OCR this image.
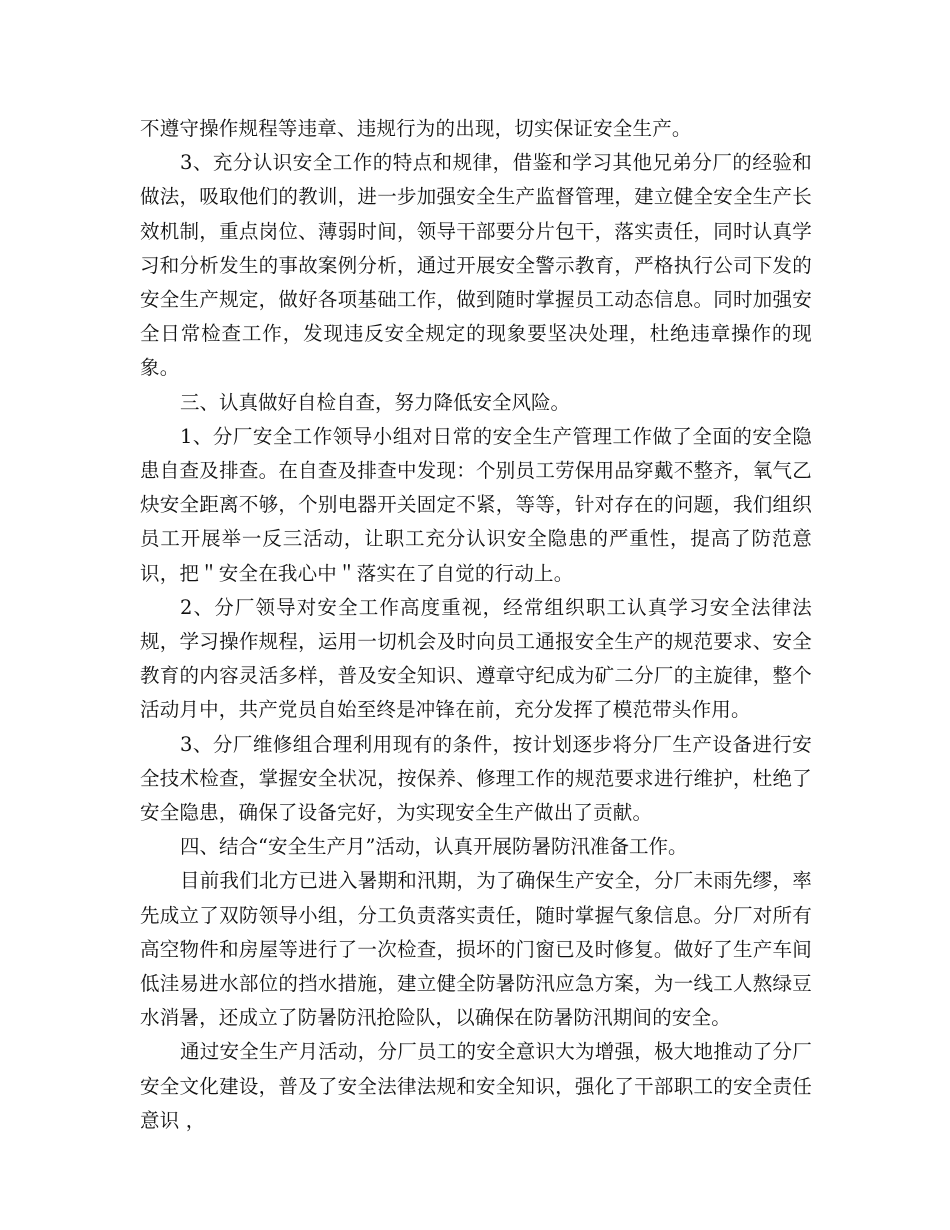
不遵守操作规程等违章、违规行为的出现，切实保证安全生产。

3、充分认识安全工作的特点和规律，借鉴和学习其他兄弟分厂的经验和做法，吸取他们的教训，进一步加强安全生产监督管理，建立健全安全生产长效机制，重点岗位、薄弱时间，领导干部要分片包干，落实责任，同时认真学习和分析发生的事故案例分析，通过开展安全警示教育，严格执行公司下发的安全生产规定，做好各项基础工作，做到随时掌握员工动态信息。同时加强安全日常检查工作，发现违反安全规定的现象要坚决处理，杜绝违章操作的现象。

三、认真做好自检自查，努力降低安全风险。

1、分厂安全工作领导小组对日常的安全生产管理工作做了全面的安全隐患自查及排查。在自查及排查中发现：个别员工劳保用品穿戴不整齐，氧气乙炔安全距离不够，个别电器开关固定不紧，等等，针对存在的问题，我们组织员工开展举一反三活动，让职工充分认识安全隐患的严重性，提高了防范意识，把＂安全在我心中＂落实在了自觉的行动上。

2、分厂领导对安全工作高度重视，经常组织职工认真学习安全法律法规，学习操作规程，运用一切机会及时向员工通报安全生产的规范要求、安全教育的内容灵活多样，普及安全知识、遵章守纪成为矿二分厂的主旋律，整个活动月中，共产党员自始至终是冲锋在前，充分发挥了模范带头作用。

3、分厂维修组合理利用现有的条件，按计划逐步将分厂生产设备进行安全技术检查，掌握安全状况，按保养、修理工作的规范要求进行维护，杜绝了安全隐患，确保了设备完好，为实现安全生产做出了贡献。

四、结合“安全生产月”活动，认真开展防暑防汛准备工作。

目前我们北方已进入暑期和汛期，为了确保生产安全，分厂未雨先缪，率先成立了双防领导小组，分工负责落实责任，随时掌握气象信息。分厂对所有高空物件和房屋等进行了一次检查，损坏的门窗已及时修复。做好了生产车间低洼易进水部位的挡水措施，建立健全防暑防汛应急方案，为一线工人熬绿豆水消暑，还成立了防暑防汛抢险队，以确保在防暑防汛期间的安全。

通过安全生产月活动，分厂员工的安全意识大为增强，极大地推动了分厂安全文化建设，普及了安全法律法规和安全知识，强化了干部职工的安全责任意识 ，
